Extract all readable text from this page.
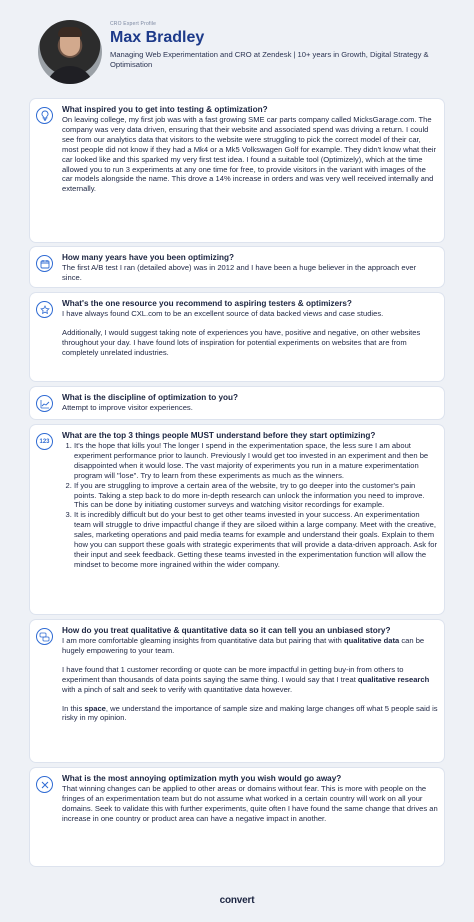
CRO Expert Profile
Max Bradley
Managing Web Experimentation and CRO at Zendesk | 10+ years in Growth, Digital Strategy & Optimisation
What inspired you to get into testing & optimization?
On leaving college, my first job was with a fast growing SME car parts company called MicksGarage.com. The company was very data driven, ensuring that their website and associated spend was driving a return. I could see from our analytics data that visitors to the website were struggling to pick the correct model of their car, most people did not know if they had a Mk4 or a Mk5 Volkswagen Golf for example. They didn't know what their car looked like and this sparked my very first test idea. I found a suitable tool (Optimizely), which at the time allowed you to run 3 experiments at any one time for free, to provide visitors in the variant with images of the car models alongside the name. This drove a 14% increase in orders and was very well received internally and externally.
How many years have you been optimizing?
The first A/B test I ran (detailed above) was in 2012 and I have been a huge believer in the approach ever since.
What's the one resource you recommend to aspiring testers & optimizers?

I have always found CXL.com to be an excellent source of data backed views and case studies.

Additionally, I would suggest taking note of experiences you have, positive and negative, on other websites throughout your day. I have found lots of inspiration for potential experiments on websites that are from completely unrelated industries.

What is the discipline of optimization to you?
Attempt to improve visitor experiences.
123
What are the top 3 things people MUST understand before they start optimizing?
1. It's the hope that kills you! The longer I spend in the experimentation space, the less sure I am about experiment performance prior to launch. Previously I would get too invested in an experiment and then be disappointed when it would lose. The vast majority of experiments you run in a mature experimentation program will "lose". Try to learn from these experiments as much as the winners.
2. If you are struggling to improve a certain area of the website, try to go deeper into the customer's pain points. Taking a step back to do more in-depth research can unlock the information you need to improve. This can be done by initiating customer surveys and watching visitor recordings for example.
3. It is incredibly difficult but do your best to get other teams invested in your success. An experimentation team will struggle to drive impactful change if they are siloed within a large company. Meet with the creative, sales, marketing operations and paid media teams for example and understand their goals. Explain to them how you can support these goals with strategic experiments that will provide a data-driven approach. Ask for their input and seek feedback. Getting these teams invested in the experimentation function will allow the mindset to become more ingrained within the wider company.
How do you treat qualitative & quantitative data so it can tell you an unbiased story?

I am more comfortable gleaming insights from quantitative data but pairing that with qualitative data can be hugely empowering to your team.

I have found that 1 customer recording or quote can be more impactful in getting buy-in from others to experiment than thousands of data points saying the same thing. I would say that I treat qualitative research with a pinch of salt and seek to verify with quantitative data however.

In this space, we understand the importance of sample size and making large changes off what 5 people said is risky in my opinion.

What is the most annoying optimization myth you wish would go away?
That winning changes can be applied to other areas or domains without fear. This is more with people on the fringes of an experimentation team but do not assume what worked in a certain country will work on all your domains. Seek to validate this with further experiments, quite often I have found the same change that drives an increase in one country or product area can have a negative impact in another.
convert
